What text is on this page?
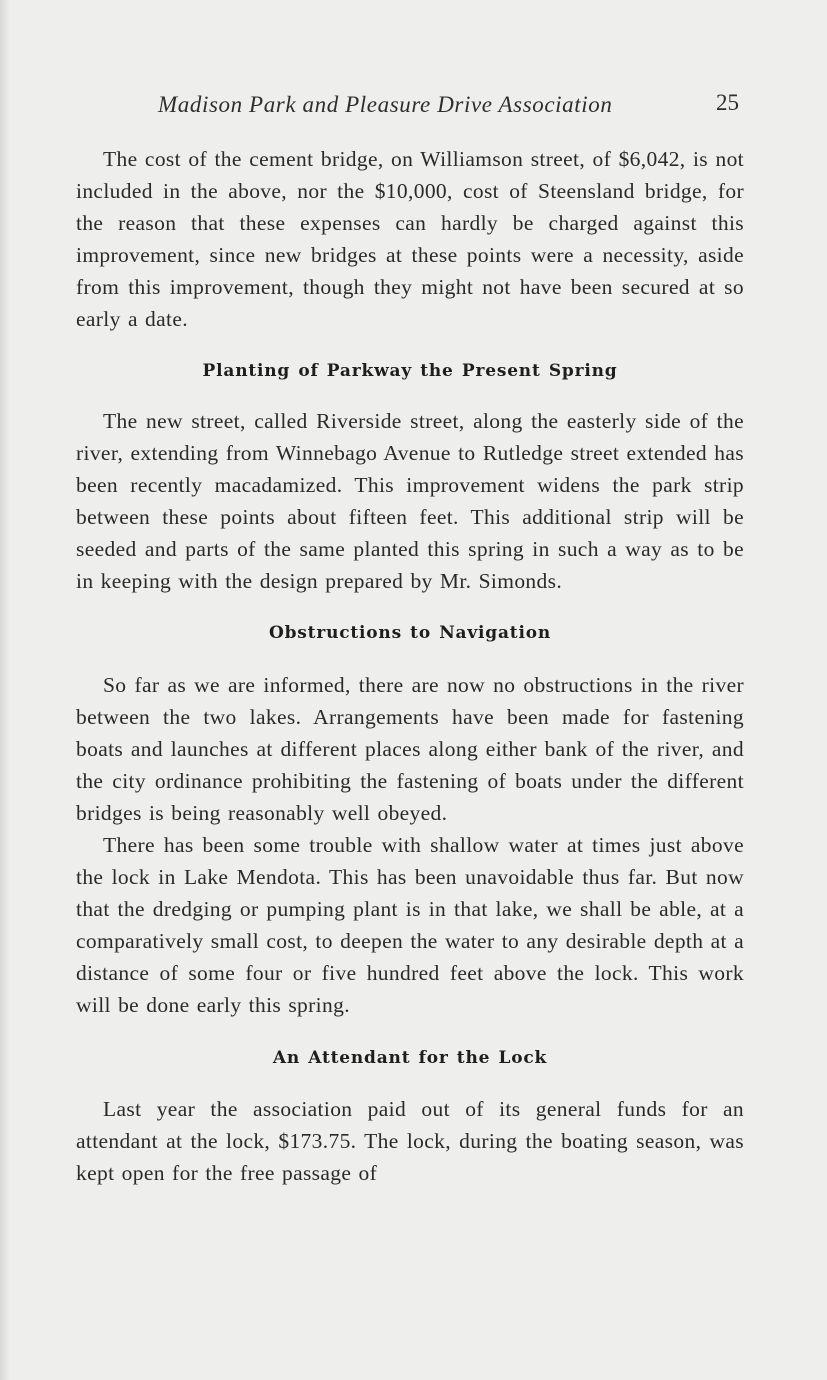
Madison Park and Pleasure Drive Association	25

The cost of the cement bridge, on Williamson street, of $6,042, is not included in the above, nor the $10,000, cost of Steensland bridge, for the reason that these expenses can hardly be charged against this improvement, since new bridges at these points were a necessity, aside from this improvement, though they might not have been secured at so early a date.

Planting of Parkway the Present Spring

The new street, called Riverside street, along the easterly side of the river, extending from Winnebago Avenue to Rutledge street extended has been recently macadamized. This improvement widens the park strip between these points about fifteen feet. This additional strip will be seeded and parts of the same planted this spring in such a way as to be in keeping with the design prepared by Mr. Simonds.

Obstructions to Navigation

So far as we are informed, there are now no obstructions in the river between the two lakes. Arrangements have been made for fastening boats and launches at different places along either bank of the river, and the city ordinance prohibiting the fastening of boats under the different bridges is being reasonably well obeyed.

There has been some trouble with shallow water at times just above the lock in Lake Mendota. This has been unavoidable thus far. But now that the dredging or pumping plant is in that lake, we shall be able, at a comparatively small cost, to deepen the water to any desirable depth at a distance of some four or five hundred feet above the lock. This work will be done early this spring.

An Attendant for the Lock

Last year the association paid out of its general funds for an attendant at the lock, $173.75. The lock, during the boating season, was kept open for the free passage of
